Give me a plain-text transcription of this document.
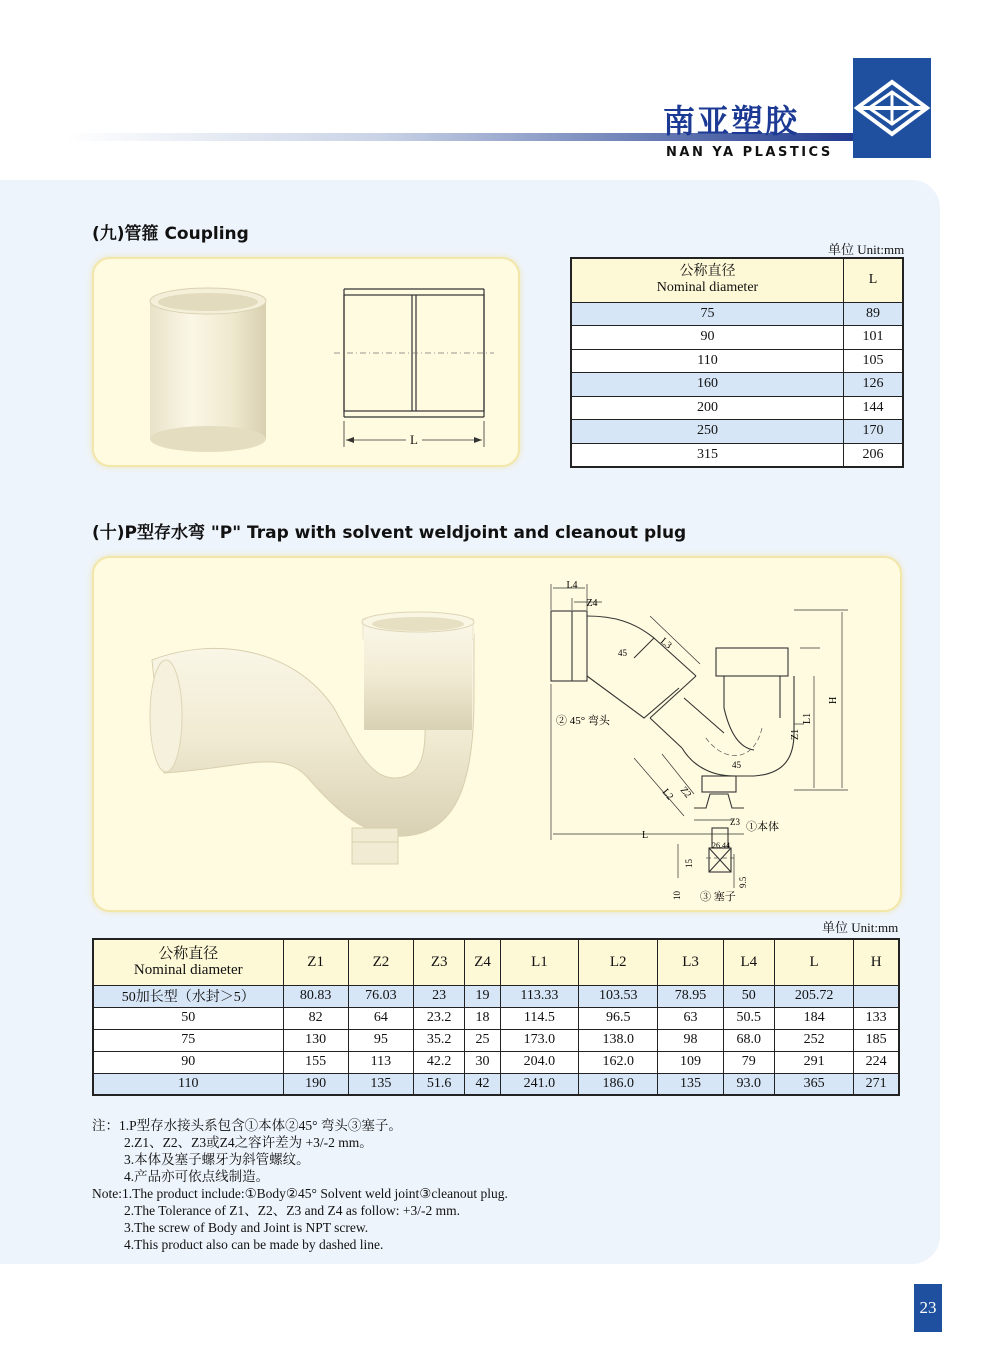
南亚塑胶
NAN YA PLASTICS
(九)管箍 Coupling
单位 Unit:mm
L
公称直径
Nominal diameter	L
75	89
90	101
110	105
160	126
200	144
250	170
315	206
(十)P型存水弯 "P" Trap with solvent weldjoint and cleanout plug
L4
Z4
L3
45
② 45° 弯头
H
L1
Z1
45
L2 Z2
Z3 ①本体
L
26.44
15
10
9.5
③ 塞子
单位 Unit:mm
公称直径
Nominal diameter	Z1	Z2	Z3	Z4	L1	L2	L3	L4	L	H
50加长型（水封＞5）	80.83	76.03	23	19	113.33	103.53	78.95	50	205.72	
50	82	64	23.2	18	114.5	96.5	63	50.5	184	133
75	130	95	35.2	25	173.0	138.0	98	68.0	252	185
90	155	113	42.2	30	204.0	162.0	109	79	291	224
110	190	135	51.6	42	241.0	186.0	135	93.0	365	271
注：1.P型存水接头系包含①本体②45° 弯头③塞子。
2.Z1、Z2、Z3或Z4之容许差为 +3/-2 mm。
3.本体及塞子螺牙为斜管螺纹。
4.产品亦可依点线制造。
Note:1.The product include:①Body②45° Solvent weld joint③cleanout plug.
2.The Tolerance of Z1、Z2、Z3 and Z4 as follow: +3/-2 mm.
3.The screw of Body and Joint is NPT screw.
4.This product also can be made by dashed line.
23
